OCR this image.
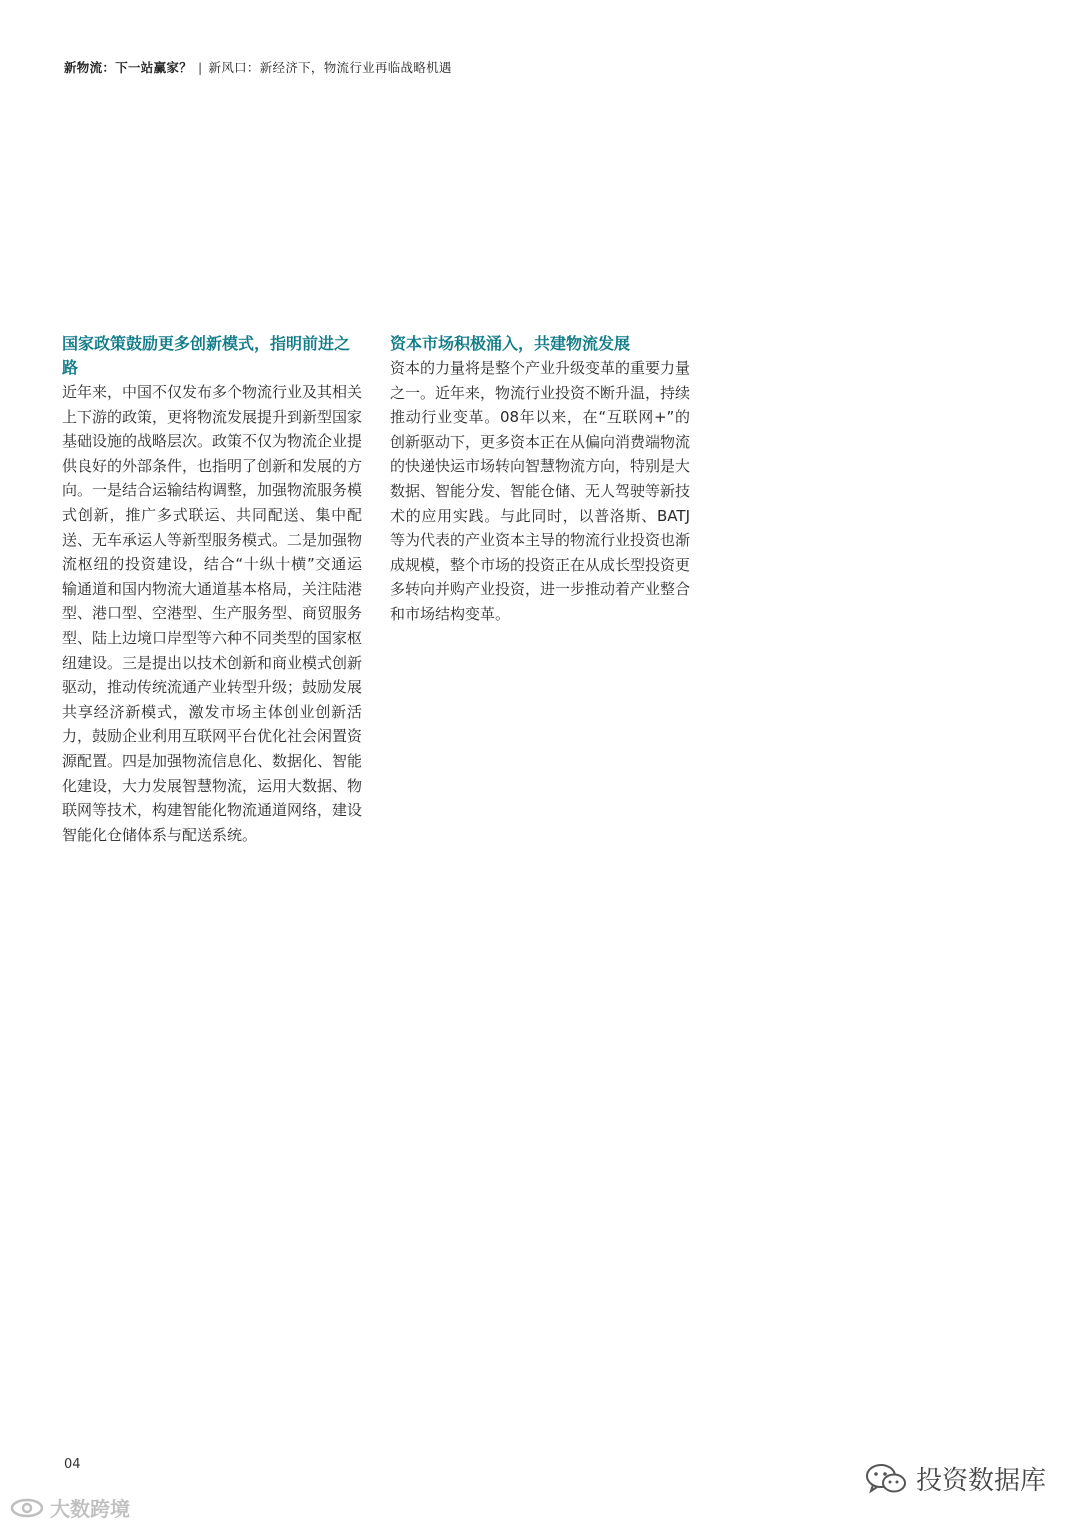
新物流：下一站赢家？ | 新风口：新经济下，物流行业再临战略机遇
国家政策鼓励更多创新模式，指明前进之路

近年来，中国不仅发布多个物流行业及其相关上下游的政策，更将物流发展提升到新型国家基础设施的战略层次。政策不仅为物流企业提供良好的外部条件，也指明了创新和发展的方向。一是结合运输结构调整，加强物流服务模式创新，推广多式联运、共同配送、集中配送、无车承运人等新型服务模式。二是加强物流枢纽的投资建设，结合“十纵十横”交通运输通道和国内物流大通道基本格局，关注陆港型、港口型、空港型、生产服务型、商贸服务型、陆上边境口岸型等六种不同类型的国家枢纽建设。三是提出以技术创新和商业模式创新驱动，推动传统流通产业转型升级；鼓励发展共享经济新模式，激发市场主体创业创新活力，鼓励企业利用互联网平台优化社会闲置资源配置。四是加强物流信息化、数据化、智能化建设，大力发展智慧物流，运用大数据、物联网等技术，构建智能化物流通道网络，建设智能化仓储体系与配送系统。

资本市场积极涌入，共建物流发展

资本的力量将是整个产业升级变革的重要力量之一。近年来，物流行业投资不断升温，持续推动行业变革。08年以来，在“互联网+”的创新驱动下，更多资本正在从偏向消费端物流的快递快运市场转向智慧物流方向，特别是大数据、智能分发、智能仓储、无人驾驶等新技术的应用实践。与此同时，以普洛斯、BATJ等为代表的产业资本主导的物流行业投资也渐成规模，整个市场的投资正在从成长型投资更多转向并购产业投资，进一步推动着产业整合和市场结构变革。

04
大数跨境
投资数据库
